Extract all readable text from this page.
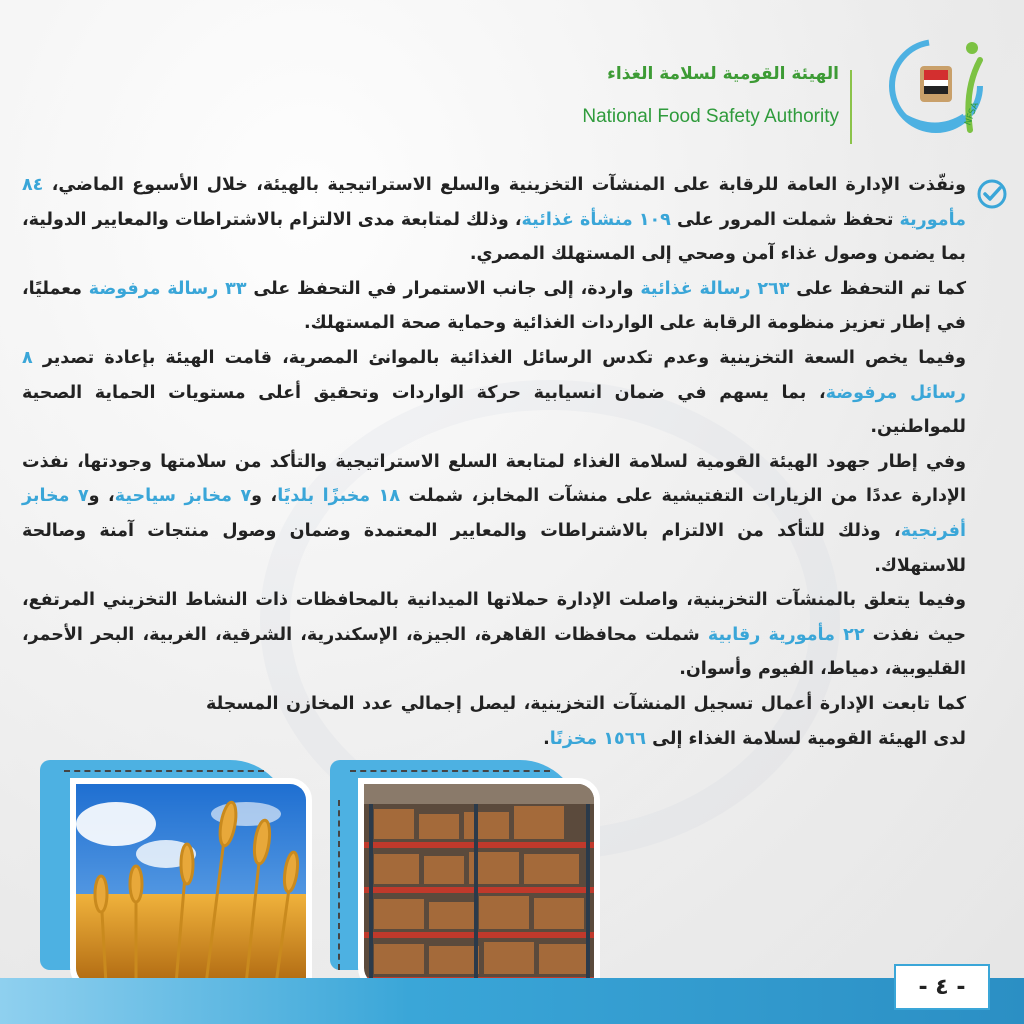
الهيئة القومية لسلامة الغذاء
National Food Safety Authority	NFSA

ونفّذت الإدارة العامة للرقابة على المنشآت التخزينية والسلع الاستراتيجية بالهيئة، خلال الأسبوع الماضي، ٨٤ مأمورية تحفظ شملت المرور على ١٠٩ منشأة غذائية، وذلك لمتابعة مدى الالتزام بالاشتراطات والمعايير الدولية، بما يضمن وصول غذاء آمن وصحي إلى المستهلك المصري.

كما تم التحفظ على ٢٦٣ رسالة غذائية واردة، إلى جانب الاستمرار في التحفظ على ٣٣ رسالة مرفوضة معمليًا، في إطار تعزيز منظومة الرقابة على الواردات الغذائية وحماية صحة المستهلك.

وفيما يخص السعة التخزينية وعدم تكدس الرسائل الغذائية بالموانئ المصرية، قامت الهيئة بإعادة تصدير ٨ رسائل مرفوضة، بما يسهم في ضمان انسيابية حركة الواردات وتحقيق أعلى مستويات الحماية الصحية للمواطنين.

وفي إطار جهود الهيئة القومية لسلامة الغذاء لمتابعة السلع الاستراتيجية والتأكد من سلامتها وجودتها، نفذت الإدارة عددًا من الزيارات التفتيشية على منشآت المخابز، شملت ١٨ مخبزًا بلديًا، و٧ مخابز سياحية، و٧ مخابز أفرنجية، وذلك للتأكد من الالتزام بالاشتراطات والمعايير المعتمدة وضمان وصول منتجات آمنة وصالحة للاستهلاك.

وفيما يتعلق بالمنشآت التخزينية، واصلت الإدارة حملاتها الميدانية بالمحافظات ذات النشاط التخزيني المرتفع، حيث نفذت ٢٢ مأمورية رقابية شملت محافظات القاهرة، الجيزة، الإسكندرية، الشرقية، الغربية، البحر الأحمر، القليوبية، دمياط، الفيوم وأسوان.

كما تابعت الإدارة أعمال تسجيل المنشآت التخزينية، ليصل إجمالي عدد المخازن المسجلة لدى الهيئة القومية لسلامة الغذاء إلى ١٥٦٦ مخزنًا.

- ٤ -
